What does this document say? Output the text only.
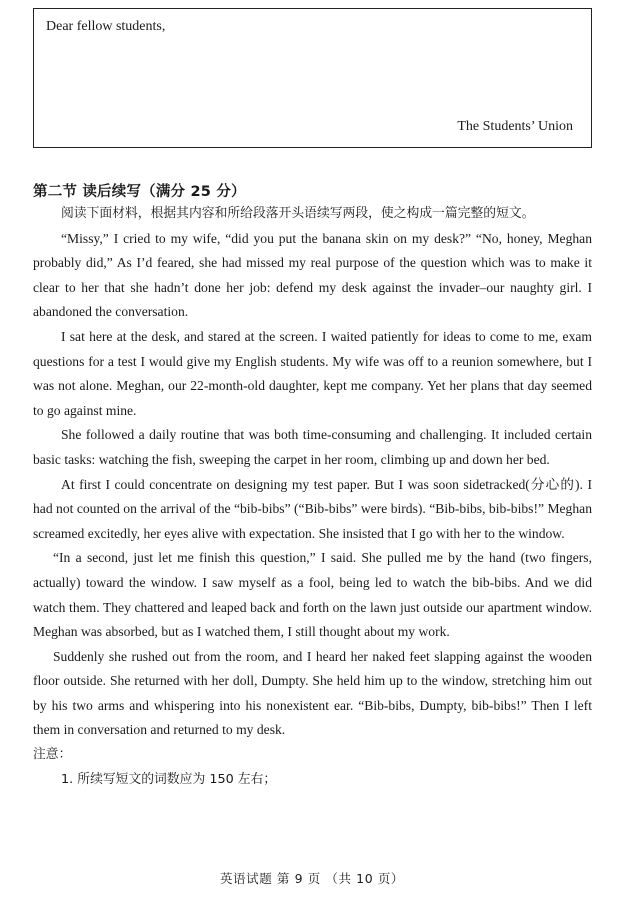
Dear fellow students,
The Students’ Union
第二节 读后续写（满分 25 分）

阅读下面材料，根据其内容和所给段落开头语续写两段，使之构成一篇完整的短文。

“Missy,” I cried to my wife, “did you put the banana skin on my desk?” “No, honey, Meghan probably did,” As I’d feared, she had missed my real purpose of the question which was to make it clear to her that she hadn’t done her job: defend my desk against the invader–our naughty girl. I abandoned the conversation.

I sat here at the desk, and stared at the screen. I waited patiently for ideas to come to me, exam questions for a test I would give my English students. My wife was off to a reunion somewhere, but I was not alone. Meghan, our 22-month-old daughter, kept me company. Yet her plans that day seemed to go against mine.

She followed a daily routine that was both time-consuming and challenging. It included certain basic tasks: watching the fish, sweeping the carpet in her room, climbing up and down her bed.

At first I could concentrate on designing my test paper. But I was soon sidetracked(分心的). I had not counted on the arrival of the “bib-bibs” (“Bib-bibs” were birds). “Bib-bibs, bib-bibs!” Meghan screamed excitedly, her eyes alive with expectation. She insisted that I go with her to the window.

“In a second, just let me finish this question,” I said. She pulled me by the hand (two fingers, actually) toward the window. I saw myself as a fool, being led to watch the bib-bibs. And we did watch them. They chattered and leaped back and forth on the lawn just outside our apartment window. Meghan was absorbed, but as I watched them, I still thought about my work.

Suddenly she rushed out from the room, and I heard her naked feet slapping against the wooden floor outside. She returned with her doll, Dumpty. She held him up to the window, stretching him out by his two arms and whispering into his nonexistent ear. “Bib-bibs, Dumpty, bib-bibs!” Then I left them in conversation and returned to my desk.

注意：

1. 所续写短文的词数应为 150 左右；

英语试题 第 9 页 （共 10 页）
